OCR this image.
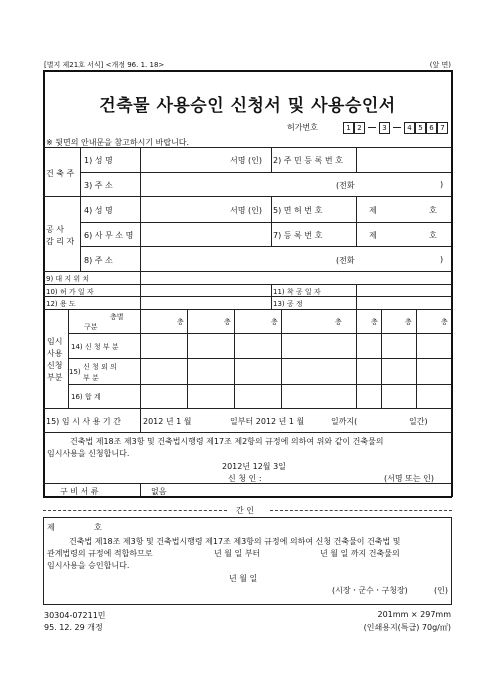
[별지 제21호 서식] <개정 96. 1. 18>	(앞 면)
건축물 사용승인 신청서 및 사용승인서
허가번호	1 2	3	4 5 6 7
※ 뒷면의 안내문을 참고하시기 바랍니다.
건 축 주
1) 성 명	서명 (인) 2) 주 민 등 록 번 호
3) 주 소	(전화	)
공 사
감 리 자
4) 성 명	서명 (인) 5) 면 허 번 호	제	호
6) 사 무 소 명	7) 등 록 번 호	제	호
8) 주 소	(전화	)
9) 대 지 위 치
10) 허 가 일 자	11) 착 공 일 자
12) 용 도	13) 공 정
임시
사용
신청
부분
층별
구분
층	층	층	층	층	층	층
14) 신 청 부 분
15)
신 청 외 의
부 분
16) 합 계
15) 임 시 사 용 기 간	2012 년 1 월	일부터 2012 년 1 월	일까지(	일간)
건축법 제18조 제3항 및 건축법시행령 제17조 제2항의 규정에 의하여 위와 같이 건축물의
임시사용을 신청합니다.
2012년 12월 3일
신 청 인 :	(서명 또는 인)
구 비 서 류	없음
간 인
제	호
건축법 제18조 제3항 및 건축법시행령 제17조 제3항의 규정에 의하여 신청 건축물이 건축법 및
관계법령의 규정에 적합하므로	년 월 일 부터	년 월 일 까지 건축물의
임시사용을 승인합니다.
년 월 일
(시장ㆍ군수ㆍ구청장)	(인)
30304-07211민
95. 12. 29 개정
201mm × 297mm
(인쇄용지(특급) 70g/㎡)
